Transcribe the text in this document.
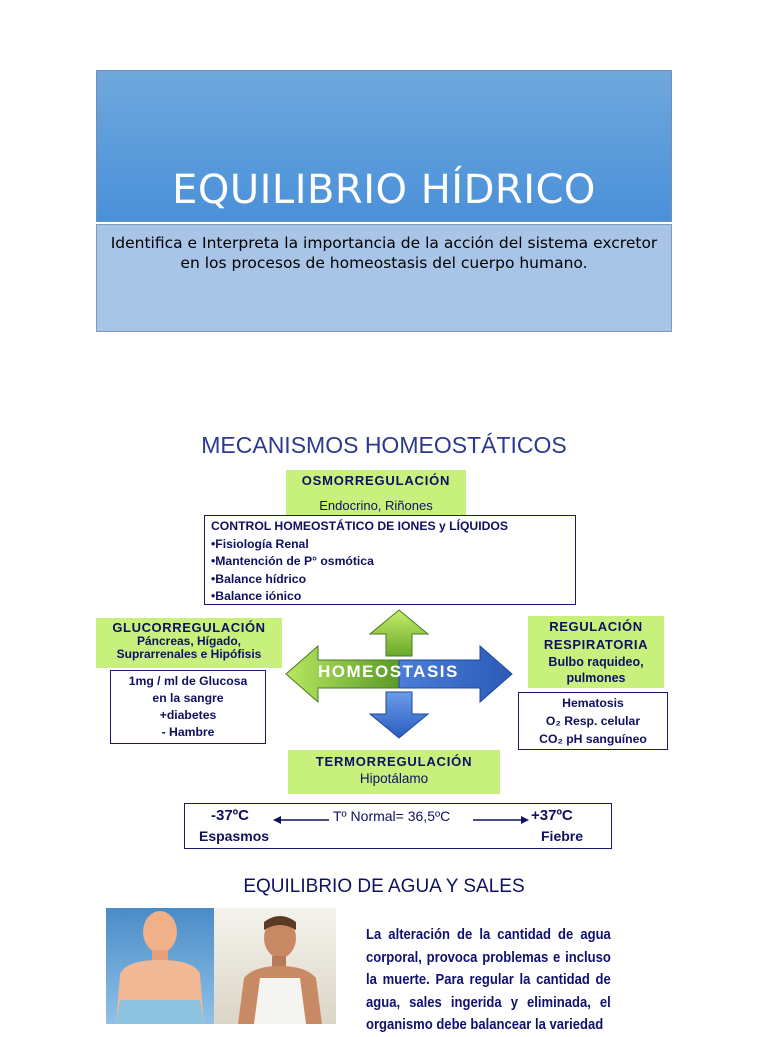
EQUILIBRIO HÍDRICO
Identifica e Interpreta la importancia de la acción del sistema excretor en los procesos de homeostasis del cuerpo humano.
MECANISMOS HOMEOSTÁTICOS
OSMORREGULACIÓN
Endocrino, Riñones
CONTROL HOMEOSTÁTICO DE IONES y LÍQUIDOS
•Fisiología Renal
•Mantención de P° osmótica
•Balance hídrico
•Balance iónico
GLUCORREGULACIÓN
Páncreas, Hígado,
Suprarrenales e Hipófisis
1mg / ml de Glucosa
en la sangre
+diabetes
- Hambre
HOMEOSTASIS
REGULACIÓN
RESPIRATORIA
Bulbo raquideo,
pulmones
Hematosis
O₂ Resp. celular
CO₂ pH sanguíneo
TERMORREGULACIÓN
Hipotálamo
-37ºC
Espasmos
Tº Normal= 36,5ºC	+37ºC
Fiebre
EQUILIBRIO DE AGUA Y SALES
La alteración de la cantidad de agua corporal, provoca problemas e incluso la muerte. Para regular la cantidad de agua, sales ingerida y eliminada, el organismo debe balancear la variedad
